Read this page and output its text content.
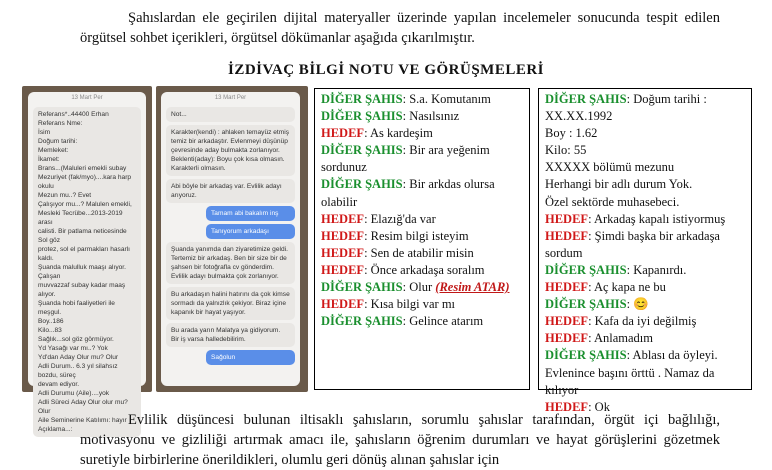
Şahıslardan ele geçirilen dijital materyaller üzerinde yapılan incelemeler sonucunda tespit edilen örgütsel sohbet içerikleri, örgütsel dökümanlar aşağıda çıkarılmıştır.
İZDİVAÇ BİLGİ NOTU VE GÖRÜŞMELERİ
13 Mart Per

Referans*..44400 Erhan
Referans Nme:
İsim
Doğum tarihi:
Memleket:
İkamet:
Brans...(Maluleri emekli subay
Mezuriyet (fak/myo)....kara harp okulu
Mezun mu..? Evet
Çalışıyor mu...? Malulen emekli,
Mesleki Tecrübe...2013-2019 arası
calisti. Bir patlama neticesinde Sol göz
protez, sol el parmakları hasarlı kaldı.
Şuanda malulluk maaşı alıyor. Çalışan
muvvazzaf subay kadar maaş alıyor.
Şuanda hobi faaliyetleri ile meşgul.
Boy..186
Kilo...83
Sağlık...sol göz görmüyor.
Yd Yasağı var mı..? Yok
Yd'dan Aday Olur mu? Olur
Adli Durum.. 6.3 yıl silahsız bozdu, süreç
devam ediyor.
Adli Durumu (Aile)....yok
Adli Süreci Aday Olur olur mu? Olur
Aile Seminerine Katılımı: hayır
Açıklama...:

13 Mart Per

Not...

Karakter(kendi) : ahlaken temayüz etmiş temiz bir arkadaştır. Evlenmeyi düşünüp çevresinde aday bulmakta zorlanıyor.
Beklenti(aday): Boyu çok kısa olmasın. Karakterli olmasın.

Abi böyle bir arkadaş var. Evlilik adayı arıyoruz.

Tamam abi bakalım inş

Tanıyorum arkadaşı

Şuanda yanımda dan ziyaretimize geldi. Tertemiz bir arkadaş. Ben bir size bir de şahsen bir fotoğrafla cv gönderdim. Evlilik adayı bulmakta çok zorlanıyor.

Bu arkadaşın halini hatırını da çok kimse sormadı da yalnızlık çekiyor. Biraz içine kapanık bir hayat yaşıyor.

Bu arada yarın Malatya ya gidiyorum. Bir iş varsa halledebilirim.

Sağolun

DİĞER ŞAHIS: S.a. Komutanım
DİĞER ŞAHIS: Nasılsınız
HEDEF: As kardeşim
DİĞER ŞAHIS: Bir ara yeğenim
sordunuz
DİĞER ŞAHIS: Bir arkdas olursa
olabilir
HEDEF: Elazığ'da var
HEDEF: Resim bilgi isteyim
HEDEF: Sen de atabilir misin
HEDEF: Önce arkadaşa soralım
DİĞER ŞAHIS: Olur (Resim ATAR)
HEDEF: Kısa bilgi var mı
DİĞER ŞAHIS: Gelince atarım
DİĞER ŞAHIS: Doğum tarihi :
XX.XX.1992
Boy : 1.62
Kilo: 55
XXXXX bölümü mezunu
Herhangi bir adlı durum Yok.
Özel sektörde muhasebeci.
HEDEF: Arkadaş kapalı istiyormuş
HEDEF: Şimdi başka bir arkadaşa
sordum
DİĞER ŞAHIS: Kapanırdı.
HEDEF: Aç kapa ne bu
DİĞER ŞAHIS: 😊
HEDEF: Kafa da iyi değilmiş
HEDEF: Anlamadım
DİĞER ŞAHIS: Ablası da öyleyi.
Evlenince başını örttü . Namaz da kılıyor
HEDEF: Ok
Evlilik düşüncesi bulunan iltisaklı şahısların, sorumlu şahıslar tarafından, örgüt içi bağlılığı, motivasyonu ve gizliliği artırmak amacı ile, şahısların öğrenim durumları ve hayat görüşlerini gözetmek suretiyle birbirlerine önerildikleri, olumlu geri dönüş alınan şahıslar için
